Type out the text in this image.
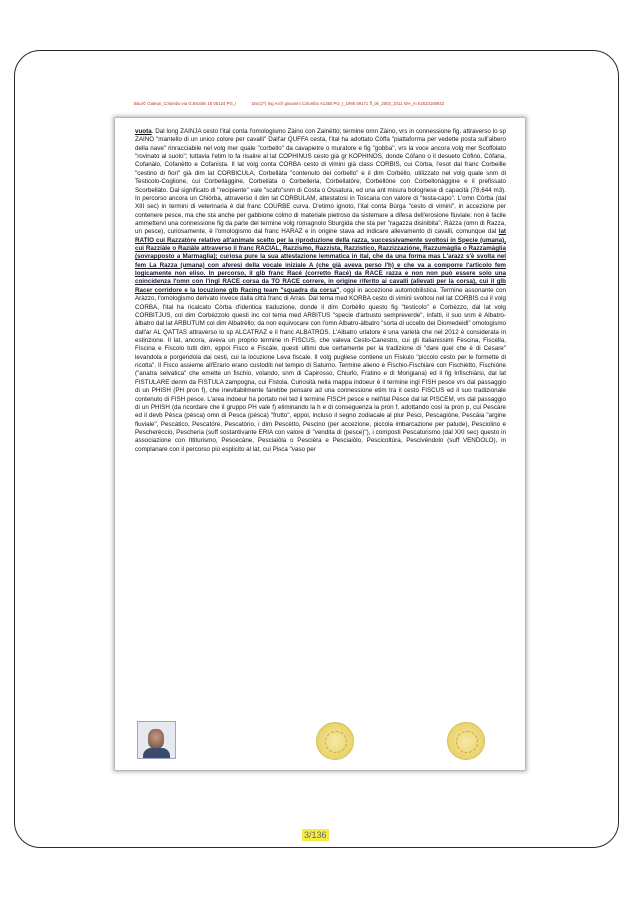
Baur© Giampi_Colombo via G.Bruttini 15 05124 PG_I	Doc(2^) Ing Arch giovanni Colombo A1350 PG_I_1995 09171 ff_de_2003_2011 N/A_m 02810100842

vuota. Dal long ZAINJA cesto l'ital conta l'omologismo Zàino con Zainètto; termine omn Zàino, vrs in connessione fig. attraverso lo sp ZAINO "mantello di un unico colore per cavalli" Dall'ar QUFFA cesta, l'ital ha adottato Còffa "piattaforma per vedette posta sull'albero della nave" rinracciabile nel volg mer quale "corbello" da cavapietre o muratore e fig "gobba", vrs la voce ancora volg mer Scoffolato "rovinato al suolo"; tuttavia l'etim lo fa risalire al lat COPHINUS cesto già gr KOPHINOS, donde Cófano o il desueto Cófino, Cófana, Cofanàlo, Cofanètto e Cofanista. Il lat volg conta CORBA cesto di vimini già class CORBIS, cui Còrba, l'esot dal franc Corbeille "cestino di fiori" già dim lat CORBICULA, Corbellàta "contenuto del corbello" e il dim Corbèllo, utilizzato nel volg quale snm di Testicolo-Coglione, cui Corbellàggine, Corbellàta o Corbelleria, Corbellatòre, Corbellòne con Corbellonàggine e il prefissato Scorbellàto. Dal significato di "recipiente" vale "scafo"snm di Costa o Ossatura, ed una ant misura bolognese di capacità (78,644 m3). In percorso ancora un Chiòrba, attraverso il dim lat CORBULAM, attestatosi in Toscana con valore di "testa-capo". L'omn Còrba (dal XIII sec) in termini di veterinaria è dal franc COURBE curva. D'etimo ignoto, l'ital conta Bùrga "cesto di vimini", in accezione per contenere pesce, ma che sta anche per gabbione colmo di materiale pietroso da sistemare a difesa dell'erosione fluviale; non è facile ammettervi una connessione fig da parte del termine volg romagnolo Sburgida che sta per "ragazza disinibita". Ràzza (omn di Razza, un pesce), curiosamente, è l'omologismo dal franc HARAZ e in origine stava ad indicare allevamento di cavalli, comunque dal lat RATIO cui Razzatòre relativo all'animale scelto per la riproduzione della razza, successivamente svoltosi in Specie (umana), cui Razziàle o Raziàle attraverso il franc RACIAL, Razzismo, Razzista, Razzìstico, Razzizzazióne, Razzumàglia o Razzamàglia (sovrapposto a Marmaglia); curiosa pure la sua attestazione lemmatica in ital, che da una forma mas L'arazz s'è svolta nel fem La Razza (umana) con aferesi della vocale iniziale A (che già aveva perso l'h) e che va a comporre l'articolo fem logicamente non eliso. In percorso, il glb franc Racé (corretto Racé) da RACE razza e non non può essere solo una coincidenza l'omn con l'ingl RACE corsa da TO RACE correre, in origine riferito ai cavalli (allevati per la corsa), cui il glb Racer corridore e la locuzione glb Racing team "squadra da corsa", oggi in accezione automobilistica. Termine assonante con Aràzzo, l'omologismo derivato invece dalla città franc di Arras. Dal tema med KORBA cesto di vimini svoltosi nel lat CORBIS cui il volg CORBA, l'ital ha ricalcato Còrba d'identica traduzione, donde il dim Corbèllo questo fig "testicolo" e Corbèzzo, dal lat volg CORBITJUS, col dim Corbèzzolo questi inc col tema med ARBITUS "specie d'arbusto sempreverde", infatti, il suo snm è Albatro-àlbatro dal lat ARBUTUM col dim Albatrèllo; da non equivocare con l'omn Albatro-àlbatro "sorta di uccello dei Diomedeidi" omologismo dall'ar AL QATTAS attraverso lo sp ALCATRAZ e il franc ALBATROS. L'Albatro urlatore è una varietà che nel 2012 è considerata in estinzione. Il lat, ancora, aveva un proprio termine in FISCUS, che valeva Cesto-Canestro, cui gli italianissimi Fèscina, Fiscèlla, Fìscina e Fiscolo tutti dim, eppoi Fisco e Fiscàle, questi ultimi due certamente per la tradizione di "dare quel che è di Cesare" levandola e porgendola dai cesti, cui la locuzione Leva fiscale. Il volg pugliese contiene un Fiskulo "piccolo cesto per le formette di ricotta". Il Fisco assieme all'Erario erano custoditi nel tempio di Saturno. Termine alieno è Fischio-Fischiàre con Fischiètto, Fischióne ("anatra selvatica" che emette un fischio, volando, snm di Capirosso, Chiurlo, Fratino e di Morigiana) ed il fig Infischiàrsi, dal lat FISTULARE denm da FISTULA zampogna, cui Fìstola. Curiosità nella mappa indoeur è il termine ingl FISH pesce vrs dal passaggio di un PHISH (PH pron f), che inevitabilmente farebbe pensare ad una connessione etim tra il cesto FISCUS ed il suo tradizionale contenuto di FISH pesce. L'area indoeur ha portato nel ted il termine FISCH pesce e nell'ital Pèsce dal lat PISCEM, vrs dal passaggio di un PHISH (da ricordare che il gruppo PH vale f) eliminando la h e di conseguenza la pron f, adottando così la pron p, cui Pescàre ed il devb Pèsca (pésca) omn di Pesca (pèsca) "frutto", eppoi, incluso il segno zodiacale al plur Pesci, Pescagióne, Pescàia "argine fluviale", Pescàtico, Pescatóre, Pescatòrio, i dim Pescètto, Pescino (per accezione, piccola imbarcazione per palude), Pesciolino e Pescheréccio, Pescheria (suff sostantivante ERIA con valore di "vendita di (pesce)"), i composti Pescaturismo (dal XXI sec) questo in associazione con Ittiturismo, Pescecàne, Pesciaiòla o Pescièra e Pesciaiòlo, Pescicoltùra, Pescivèndolo (suff VENDOLO), in complanare con il percorso più esplicito al lat, cui Pisca "vaso per

3/136
